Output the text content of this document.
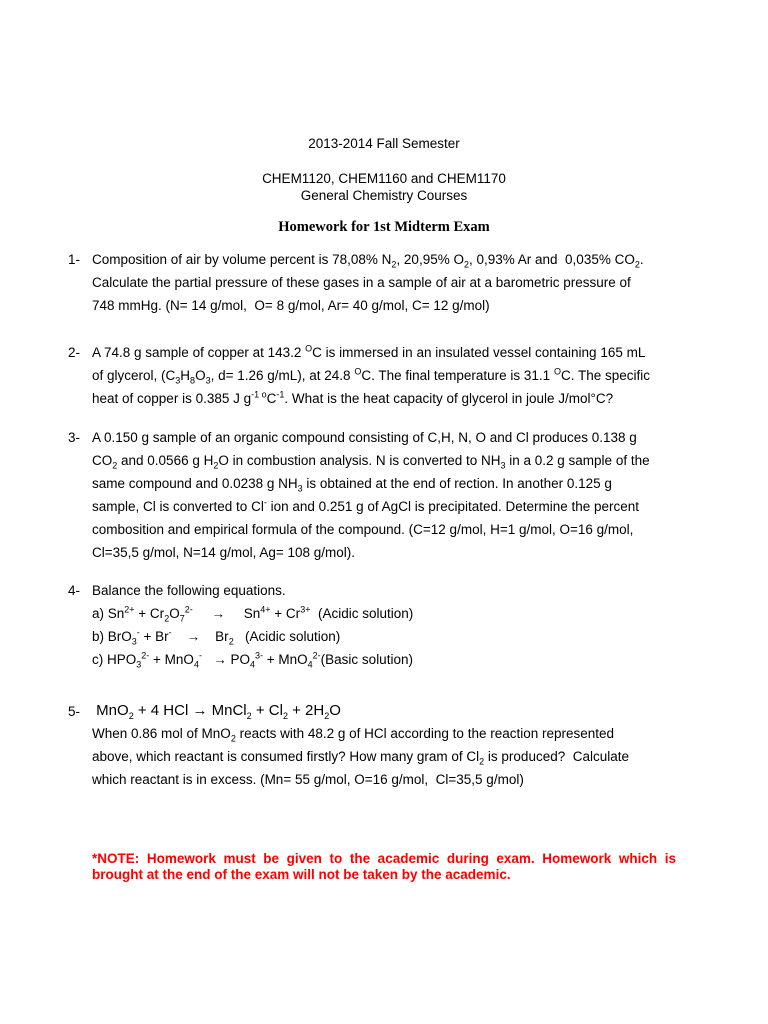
2013-2014 Fall Semester
CHEM1120, CHEM1160 and CHEM1170
General Chemistry Courses
Homework for 1st Midterm Exam
1- Composition of air by volume percent is 78,08% $N_2$, 20,95% $O_2$, 0,93% Ar and  0,035% $CO_2$.
Calculate the partial pressure of these gases in a sample of air at a barometric pressure of
748 mmHg. (N= 14 g/mol,  O= 8 g/mol, Ar= 40 g/mol, C= 12 g/mol)
2- A 74.8 g sample of copper at 143.2 $^O$C is immersed in an insulated vessel containing 165 mL
of glycerol, ($C_3H_8O_3$, d= 1.26 g/mL), at 24.8 $^O$C. The final temperature is 31.1 $^O$C. The specific
heat of copper is 0.385 J $g^{-1 o}C^{-1}$. What is the heat capacity of glycerol in joule J/mol°C?
3- A 0.150 g sample of an organic compound consisting of C,H, N, O and Cl produces 0.138 g
$CO_2$ and 0.0566 g $H_2O$ in combustion analysis. N is converted to $NH_3$ in a 0.2 g sample of the
same compound and 0.0238 g $NH_3$ is obtained at the end of rection. In another 0.125 g
sample, Cl is converted to Cl- ion and 0.251 g of AgCl is precipitated. Determine the percent
combosition and empirical formula of the compound. (C=12 g/mol, H=1 g/mol, O=16 g/mol,
Cl=35,5 g/mol, N=14 g/mol, Ag= 108 g/mol).
4- Balance the following equations.
a) $Sn^{2+} + Cr_2O_7^{2-}$     →     $Sn^{4+} + Cr^{3+}$  (Acidic solution)
b) BrO$_3$- + Br-    →    $Br_2$   (Acidic solution)
c) $HPO_3^{2-} + MnO_4^- \to PO_4^{3-}$ + MnO$_4^{2-}$(Basic solution)
5- MnO$_2$ + 4 HCl → MnCl$_2$ + $Cl_2 + 2H_2O$
When 0.86 mol of MnO$_2$ reacts with 48.2 g of HCl according to the reaction represented
above, which reactant is consumed firstly? How many gram of $Cl_2$ is produced?  Calculate
which reactant is in excess. (Mn= 55 g/mol, O=16 g/mol,  Cl=35,5 g/mol)
*NOTE: Homework must be given to the academic during exam. Homework which is brought at the end of the exam will not be taken by the academic.
